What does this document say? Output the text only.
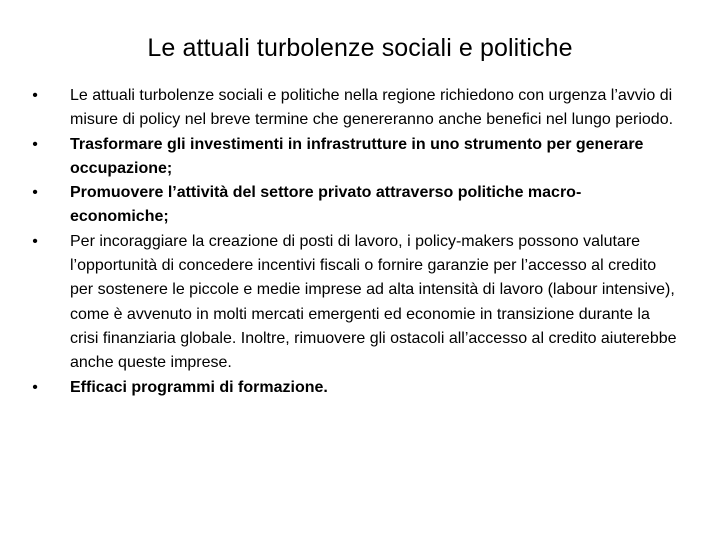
Le attuali turbolenze sociali e politiche
• Le attuali turbolenze sociali e politiche nella regione richiedono con urgenza l’avvio di misure di policy nel breve termine che genereranno anche benefici nel lungo periodo.
• Trasformare gli investimenti in infrastrutture in uno strumento per generare occupazione;
• Promuovere l’attività del settore privato attraverso politiche macro-economiche;
• Per incoraggiare la creazione di posti di lavoro, i policy-makers possono valutare l’opportunità di concedere incentivi fiscali o fornire garanzie per l’accesso al credito per sostenere le piccole e medie imprese ad alta intensità di lavoro (labour intensive), come è avvenuto in molti mercati emergenti ed economie in transizione durante la crisi finanziaria globale. Inoltre, rimuovere gli ostacoli all’accesso al credito aiuterebbe anche queste imprese.
• Efficaci programmi di formazione.
